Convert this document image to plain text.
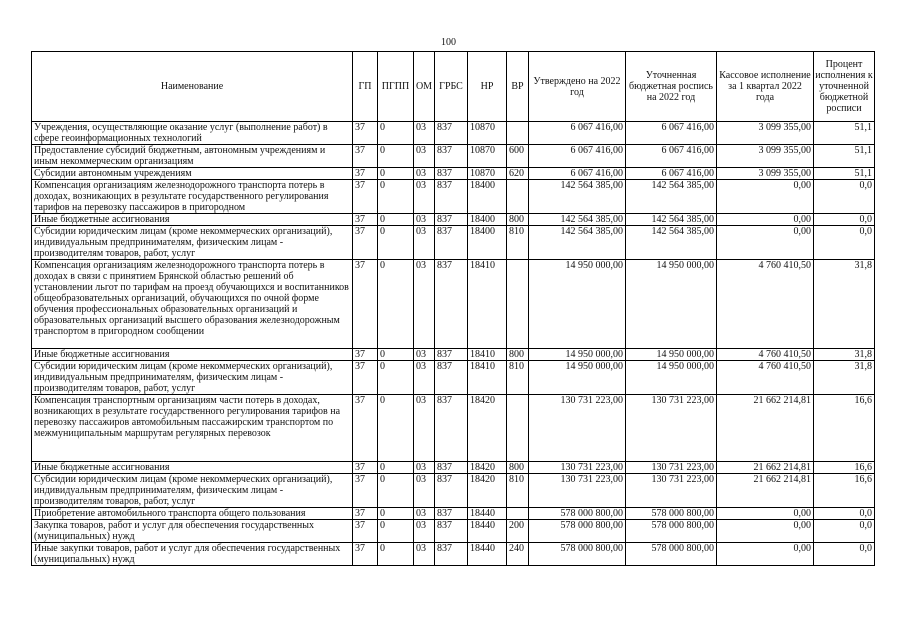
100
Наименование	ГП	ПГПП	ОМ	ГРБС	НР	ВР	Утверждено на 2022 год	Уточненная бюджетная роспись на 2022 год	Кассовое исполнение за 1 квартал 2022 года	Процент исполнения к уточненной бюджетной росписи
Учреждения, осуществляющие оказание услуг (выполнение работ) в сфере геоинформационных технологий	37	0	03	837	10870		6 067 416,00	6 067 416,00	3 099 355,00	51,1
Предоставление субсидий бюджетным, автономным учреждениям и иным некоммерческим организациям	37	0	03	837	10870	600	6 067 416,00	6 067 416,00	3 099 355,00	51,1
Субсидии автономным учреждениям	37	0	03	837	10870	620	6 067 416,00	6 067 416,00	3 099 355,00	51,1
Компенсация организациям железнодорожного транспорта потерь в доходах, возникающих в результате государственного регулирования тарифов на перевозку пассажиров в пригородном	37	0	03	837	18400		142 564 385,00	142 564 385,00	0,00	0,0
Иные бюджетные ассигнования	37	0	03	837	18400	800	142 564 385,00	142 564 385,00	0,00	0,0
Субсидии юридическим лицам (кроме некоммерческих организаций), индивидуальным предпринимателям, физическим лицам - производителям товаров, работ, услуг	37	0	03	837	18400	810	142 564 385,00	142 564 385,00	0,00	0,0
Компенсация организациям железнодорожного транспорта потерь в доходах в связи с принятием Брянской областью решений об установлении льгот по тарифам на проезд обучающихся и воспитанников общеобразовательных организаций, обучающихся по очной форме обучения профессиональных образовательных организаций и образовательных организаций высшего образования железнодорожным транспортом в пригородном сообщении	37	0	03	837	18410		14 950 000,00	14 950 000,00	4 760 410,50	31,8
Иные бюджетные ассигнования	37	0	03	837	18410	800	14 950 000,00	14 950 000,00	4 760 410,50	31,8
Субсидии юридическим лицам (кроме некоммерческих организаций), индивидуальным предпринимателям, физическим лицам - производителям товаров, работ, услуг	37	0	03	837	18410	810	14 950 000,00	14 950 000,00	4 760 410,50	31,8
Компенсация транспортным организациям части потерь в доходах, возникающих в результате государственного регулирования тарифов на перевозку пассажиров автомобильным пассажирским транспортом по межмуниципальным маршрутам регулярных перевозок	37	0	03	837	18420		130 731 223,00	130 731 223,00	21 662 214,81	16,6
Иные бюджетные ассигнования	37	0	03	837	18420	800	130 731 223,00	130 731 223,00	21 662 214,81	16,6
Субсидии юридическим лицам (кроме некоммерческих организаций), индивидуальным предпринимателям, физическим лицам - производителям товаров, работ, услуг	37	0	03	837	18420	810	130 731 223,00	130 731 223,00	21 662 214,81	16,6
Приобретение автомобильного транспорта общего пользования	37	0	03	837	18440		578 000 800,00	578 000 800,00	0,00	0,0
Закупка товаров, работ и услуг для обеспечения государственных (муниципальных) нужд	37	0	03	837	18440	200	578 000 800,00	578 000 800,00	0,00	0,0
Иные закупки товаров, работ и услуг для обеспечения государственных (муниципальных) нужд	37	0	03	837	18440	240	578 000 800,00	578 000 800,00	0,00	0,0
